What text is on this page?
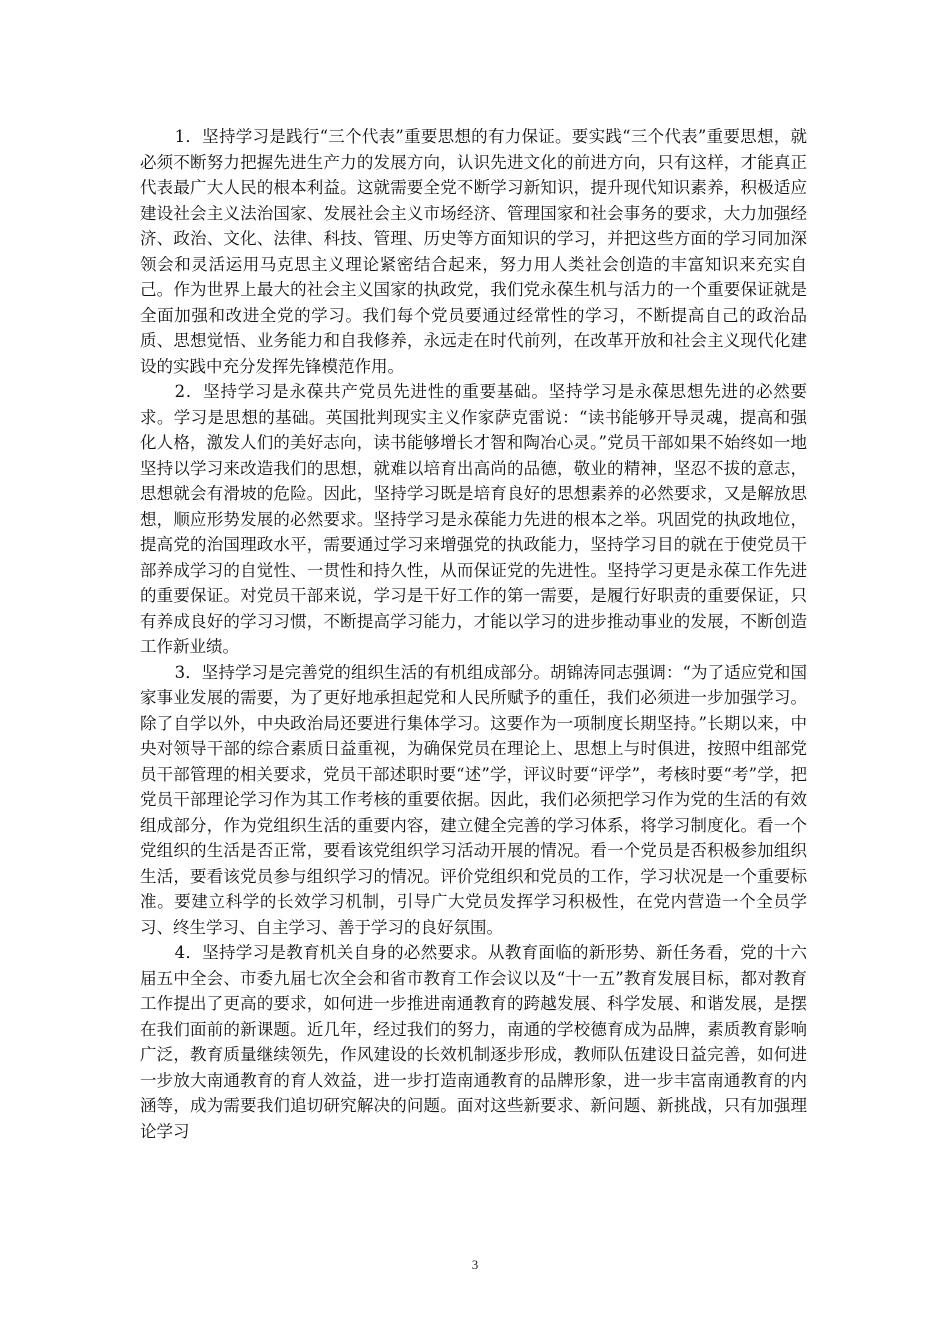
1．坚持学习是践行“三个代表”重要思想的有力保证。要实践“三个代表”重要思想，就必须不断努力把握先进生产力的发展方向，认识先进文化的前进方向，只有这样，才能真正代表最广大人民的根本利益。这就需要全党不断学习新知识，提升现代知识素养，积极适应建设社会主义法治国家、发展社会主义市场经济、管理国家和社会事务的要求，大力加强经济、政治、文化、法律、科技、管理、历史等方面知识的学习，并把这些方面的学习同加深领会和灵活运用马克思主义理论紧密结合起来，努力用人类社会创造的丰富知识来充实自己。作为世界上最大的社会主义国家的执政党，我们党永葆生机与活力的一个重要保证就是全面加强和改进全党的学习。我们每个党员要通过经常性的学习，不断提高自己的政治品质、思想觉悟、业务能力和自我修养，永远走在时代前列，在改革开放和社会主义现代化建设的实践中充分发挥先锋模范作用。

2．坚持学习是永葆共产党员先进性的重要基础。坚持学习是永葆思想先进的必然要求。学习是思想的基础。英国批判现实主义作家萨克雷说：“读书能够开导灵魂，提高和强化人格，激发人们的美好志向，读书能够增长才智和陶冶心灵。”党员干部如果不始终如一地坚持以学习来改造我们的思想，就难以培育出高尚的品德，敬业的精神，坚忍不拔的意志，思想就会有滑坡的危险。因此，坚持学习既是培育良好的思想素养的必然要求，又是解放思想，顺应形势发展的必然要求。坚持学习是永葆能力先进的根本之举。巩固党的执政地位，提高党的治国理政水平，需要通过学习来增强党的执政能力，坚持学习目的就在于使党员干部养成学习的自觉性、一贯性和持久性，从而保证党的先进性。坚持学习更是永葆工作先进的重要保证。对党员干部来说，学习是干好工作的第一需要，是履行好职责的重要保证，只有养成良好的学习习惯，不断提高学习能力，才能以学习的进步推动事业的发展，不断创造工作新业绩。

3．坚持学习是完善党的组织生活的有机组成部分。胡锦涛同志强调：“为了适应党和国家事业发展的需要，为了更好地承担起党和人民所赋予的重任，我们必须进一步加强学习。除了自学以外，中央政治局还要进行集体学习。这要作为一项制度长期坚持。”长期以来，中央对领导干部的综合素质日益重视，为确保党员在理论上、思想上与时俱进，按照中组部党员干部管理的相关要求，党员干部述职时要“述”学，评议时要“评学”，考核时要“考”学，把党员干部理论学习作为其工作考核的重要依据。因此，我们必须把学习作为党的生活的有效组成部分，作为党组织生活的重要内容，建立健全完善的学习体系，将学习制度化。看一个党组织的生活是否正常，要看该党组织学习活动开展的情况。看一个党员是否积极参加组织生活，要看该党员参与组织学习的情况。评价党组织和党员的工作，学习状况是一个重要标准。要建立科学的长效学习机制，引导广大党员发挥学习积极性，在党内营造一个全员学习、终生学习、自主学习、善于学习的良好氛围。

4．坚持学习是教育机关自身的必然要求。从教育面临的新形势、新任务看，党的十六届五中全会、市委九届七次全会和省市教育工作会议以及“十一五”教育发展目标，都对教育工作提出了更高的要求，如何进一步推进南通教育的跨越发展、科学发展、和谐发展，是摆在我们面前的新课题。近几年，经过我们的努力，南通的学校德育成为品牌，素质教育影响广泛，教育质量继续领先，作风建设的长效机制逐步形成，教师队伍建设日益完善，如何进一步放大南通教育的育人效益，进一步打造南通教育的品牌形象，进一步丰富南通教育的内涵等，成为需要我们追切研究解决的问题。面对这些新要求、新问题、新挑战，只有加强理论学习

3
